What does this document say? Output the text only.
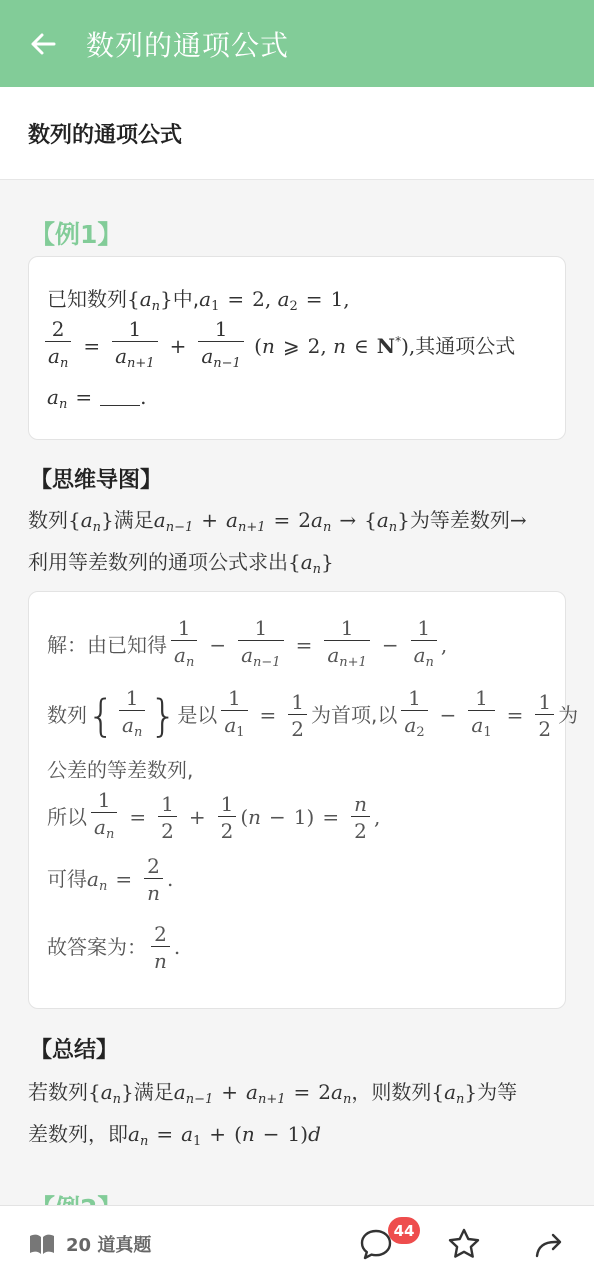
数列的通项公式
数列的通项公式
【例1】
已知数列$\{a_n\}$中$,a_1 = 2$, $a_2 = 1$,
$\frac{2}{a_n} = \frac{1}{a_{n+1}} + \frac{1}{a_{n-1}} (n$ ⩾ 2, n ∈ N*),其通项公式
$a_n$ = .
【思维导图】
数列$\{a_n\}$满足$a_{n-1} + a_{n+1} = 2a_n \to \{a_n\}$为等差数列→
利用等差数列的通项公式求出$\{a_n\}$
解：由已知得 $\frac{1}{a_n} - \frac{1}{a_{n-1}} = \frac{1}{a_{n+1}} - \frac{1}{a_n}$ ,
数列{ $\frac{1}{a_n}$ }是以 $\frac{1}{a_1} = \frac{1}{2}$ 为首项,以 $\frac{1}{a_2} - \frac{1}{a_1} = \frac{1}{2}$ 为
公差的等差数列,
所以 $\frac{1}{a_n} = \frac{1}{2} + \frac{1}{2} (n - 1) = \frac{n}{2}$ ,
可得$a_n = \frac{2}{n}$ .
故答案为： $\frac{2}{n}$ .
【总结】
若数列$\{a_n\}$满足$a_{n-1} + a_{n+1} = 2a_n$，则数列$\{a_n\}$为等
差数列，即$a_n = a_1 + (n - 1)d$
20 道真题
44
